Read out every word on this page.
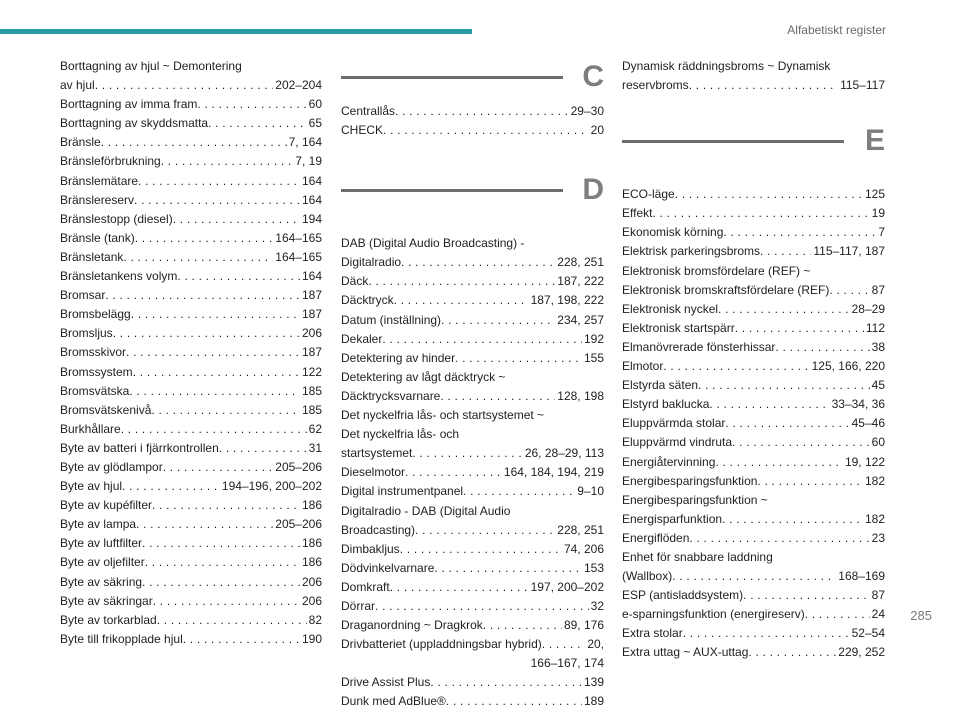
Alfabetiskt register
Borttagning av hjul ~ Demontering
av hjul . . .	202–204
Borttagning av imma fram . . .	60
Borttagning av skyddsmatta . . .	65
Bränsle . . .	7, 164
Bränsleförbrukning . . .	7, 19
Bränslemätare . . .	164
Bränslereserv . . .	164
Bränslestopp (diesel) . . .	194
Bränsle (tank) . . .	164–165
Bränsletank . . .	164–165
Bränsletankens volym . . .	164
Bromsar . . .	187
Bromsbelägg . . .	187
Bromsljus . . .	206
Bromsskivor . . .	187
Bromssystem . . .	122
Bromsvätska . . .	185
Bromsvätskenivå . . .	185
Burkhållare . . .	62
Byte av batteri i fjärrkontrollen . . .	31
Byte av glödlampor . . .	205–206
Byte av hjul . . .	194–196, 200–202
Byte av kupéfilter . . .	186
Byte av lampa . . .	205–206
Byte av luftfilter . . .	186
Byte av oljefilter . . .	186
Byte av säkring . . .	206
Byte av säkringar . . .	206
Byte av torkarblad . . .	82
Byte till frikopplade hjul . . .	190
C
Centrallås . . .	29–30
CHECK . . .	20
D
DAB (Digital Audio Broadcasting) -
Digitalradio . . .	228, 251
Däck . . .	187, 222
Däcktryck . . .	187, 198, 222
Datum (inställning) . . .	234, 257
Dekaler . . .	192
Detektering av hinder . . .	155
Detektering av lågt däcktryck ~
Däcktrycksvarnare . . .	128, 198
Det nyckelfria lås- och startsystemet ~
Det nyckelfria lås- och
startsystemet . . .	26, 28–29, 113
Dieselmotor . . .	164, 184, 194, 219
Digital instrumentpanel . . .	9–10
Digitalradio - DAB (Digital Audio
Broadcasting) . . .	228, 251
Dimbakljus . . .	74, 206
Dödvinkelvarnare . . .	153
Domkraft . . .	197, 200–202
Dörrar . . .	32
Draganordning ~ Dragkrok . . .	89, 176
Drivbatteriet (uppladdningsbar hybrid) . . .	20,
166–167, 174
Drive Assist Plus . . .	139
Dunk med AdBlue® . . .	189
Dynamisk räddningsbroms ~ Dynamisk
reservbroms . . .	115–117
E
ECO-läge . . .	125
Effekt . . .	19
Ekonomisk körning . . .	7
Elektrisk parkeringsbroms . . .	115–117, 187
Elektronisk bromsfördelare (REF) ~
Elektronisk bromskraftsfördelare (REF) . . .	87
Elektronisk nyckel . . .	28–29
Elektronisk startspärr . . .	112
Elmanövrerade fönsterhissar . . .	38
Elmotor . . .	125, 166, 220
Elstyrda säten . . .	45
Elstyrd baklucka . . .	33–34, 36
Eluppvärmda stolar . . .	45–46
Eluppvärmd vindruta . . .	60
Energiåtervinning . . .	19, 122
Energibesparingsfunktion . . .	182
Energibesparingsfunktion ~
Energisparfunktion . . .	182
Energiflöden . . .	23
Enhet för snabbare laddning
(Wallbox) . . .	168–169
ESP (antisladdsystem) . . .	87
e-sparningsfunktion (energireserv) . . .	24
Extra stolar . . .	52–54
Extra uttag ~ AUX-uttag . . .	229, 252
285
